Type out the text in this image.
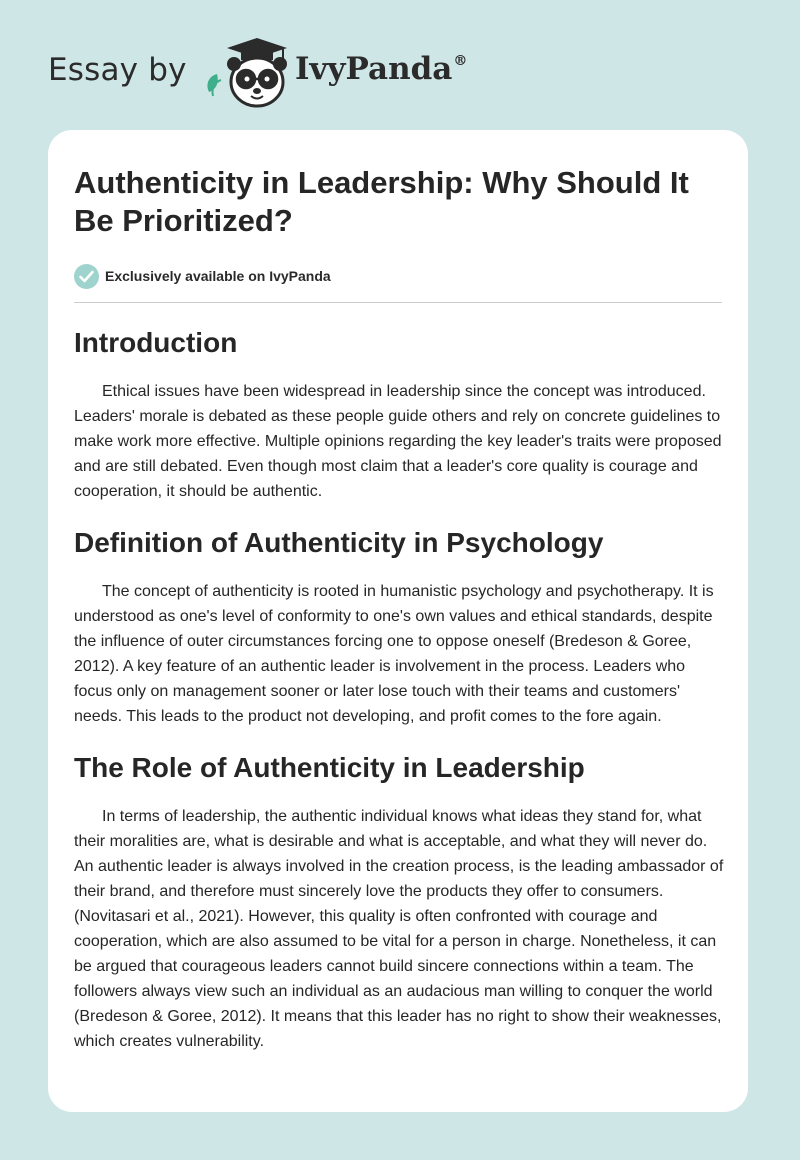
Essay by	IvyPanda®
Authenticity in Leadership: Why Should It Be Prioritized?
Exclusively available on IvyPanda
Introduction

Ethical issues have been widespread in leadership since the concept was introduced. Leaders' morale is debated as these people guide others and rely on concrete guidelines to make work more effective. Multiple opinions regarding the key leader's traits were proposed and are still debated. Even though most claim that a leader's core quality is courage and cooperation, it should be authentic.

Definition of Authenticity in Psychology

The concept of authenticity is rooted in humanistic psychology and psychotherapy. It is understood as one's level of conformity to one's own values and ethical standards, despite the influence of outer circumstances forcing one to oppose oneself (Bredeson & Goree, 2012). A key feature of an authentic leader is involvement in the process. Leaders who focus only on management sooner or later lose touch with their teams and customers' needs. This leads to the product not developing, and profit comes to the fore again.

The Role of Authenticity in Leadership

In terms of leadership, the authentic individual knows what ideas they stand for, what their moralities are, what is desirable and what is acceptable, and what they will never do. An authentic leader is always involved in the creation process, is the leading ambassador of their brand, and therefore must sincerely love the products they offer to consumers. (Novitasari et al., 2021). However, this quality is often confronted with courage and cooperation, which are also assumed to be vital for a person in charge. Nonetheless, it can be argued that courageous leaders cannot build sincere connections within a team. The followers always view such an individual as an audacious man willing to conquer the world (Bredeson & Goree, 2012). It means that this leader has no right to show their weaknesses, which creates vulnerability.
